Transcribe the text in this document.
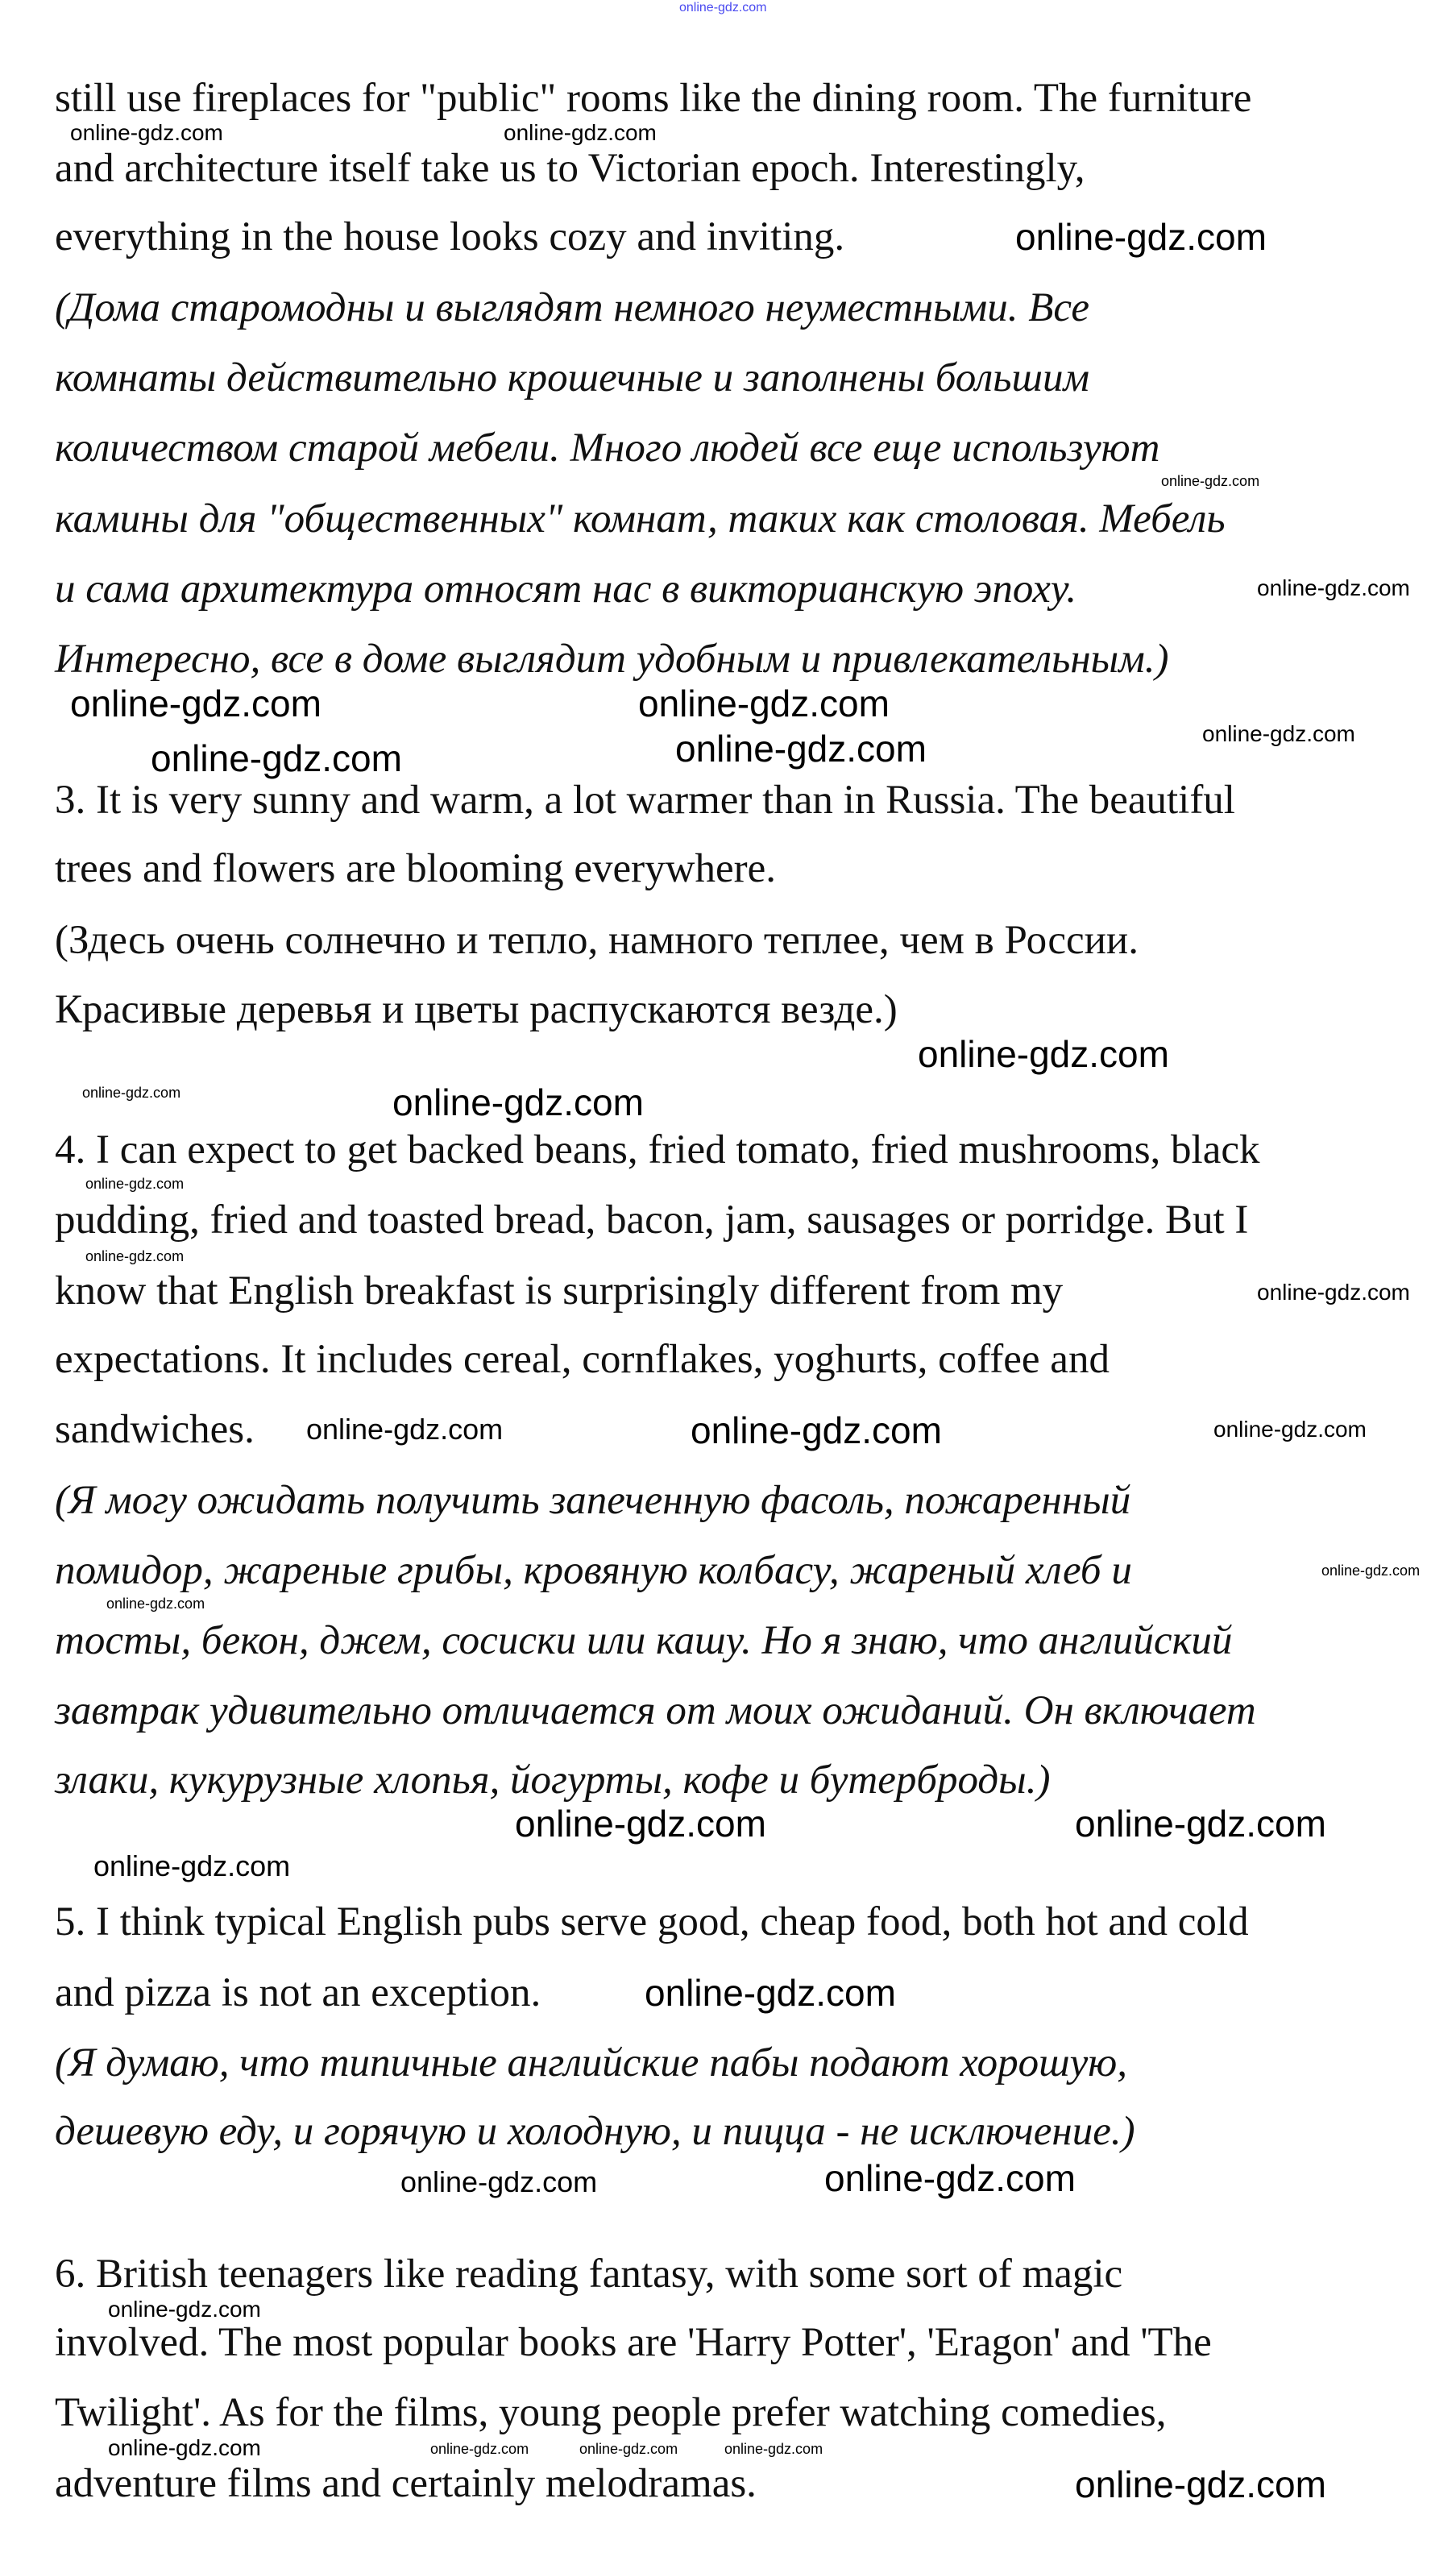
still use fireplaces for "public" rooms like the dining room. The furniture
and architecture itself take us to Victorian epoch. Interestingly,
everything in the house looks cozy and inviting.
(Дома старомодны и выглядят немного неуместными. Все
комнаты действительно крошечные и заполнены большим
количеством старой мебели. Много людей все еще используют
камины для "общественных" комнат, таких как столовая. Мебель
и сама архитектура относят нас в викторианскую эпоху.
Интересно, все в доме выглядит удобным и привлекательным.)
3. It is very sunny and warm, a lot warmer than in Russia. The beautiful
trees and flowers are blooming everywhere.
(Здесь очень солнечно и тепло, намного теплее, чем в России.
Красивые деревья и цветы распускаются везде.)
4. I can expect to get backed beans, fried tomato, fried mushrooms, black
pudding, fried and toasted bread, bacon, jam, sausages or porridge. But I
know that English breakfast is surprisingly different from my
expectations. It includes cereal, cornflakes, yoghurts, coffee and
sandwiches.
(Я могу ожидать получить запеченную фасоль, пожаренный
помидор, жареные грибы, кровяную колбасу, жареный хлеб и
тосты, бекон, джем, сосиски или кашу. Но я знаю, что английский
завтрак удивительно отличается от моих ожиданий. Он включает
злаки, кукурузные хлопья, йогурты, кофе и бутерброды.)
5. I think typical English pubs serve good, cheap food, both hot and cold
and pizza is not an exception.
(Я думаю, что типичные английские пабы подают хорошую,
дешевую еду, и горячую и холодную, и пицца - не исключение.)
6. British teenagers like reading fantasy, with some sort of magic
involved. The most popular books are 'Harry Potter', 'Eragon' and 'The
Twilight'. As for the films, young people prefer watching comedies,
adventure films and certainly melodramas.
online-gdz.com
online-gdz.com	online-gdz.com
online-gdz.com
online-gdz.com
online-gdz.com
online-gdz.com	online-gdz.com
online-gdz.com
online-gdz.com	online-gdz.com
online-gdz.com
online-gdz.com	online-gdz.com
online-gdz.com
online-gdz.com
online-gdz.com
online-gdz.com	online-gdz.com	online-gdz.com
online-gdz.com
online-gdz.com
online-gdz.com	online-gdz.com
online-gdz.com
online-gdz.com
online-gdz.com
online-gdz.com
online-gdz.com
online-gdz.com	online-gdz.com	online-gdz.com	online-gdz.com
online-gdz.com
